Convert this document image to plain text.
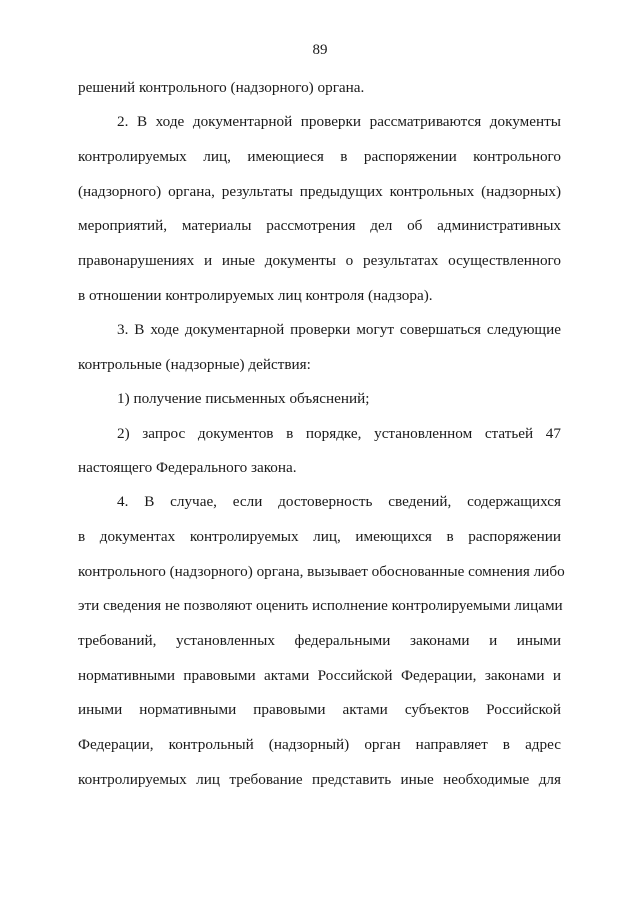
89
решений контрольного (надзорного) органа.
2. В ходе документарной проверки рассматриваются документы
контролируемых лиц, имеющиеся в распоряжении контрольного
(надзорного) органа, результаты предыдущих контрольных (надзорных)
мероприятий, материалы рассмотрения дел об административных
правонарушениях и иные документы о результатах осуществленного
в отношении контролируемых лиц контроля (надзора).
3. В ходе документарной проверки могут совершаться следующие
контрольные (надзорные) действия:
1) получение письменных объяснений;
2) запрос документов в порядке, установленном статьей 47
настоящего Федерального закона.
4. В случае, если достоверность сведений, содержащихся
в документах контролируемых лиц, имеющихся в распоряжении
контрольного (надзорного) органа, вызывает обоснованные сомнения либо
эти сведения не позволяют оценить исполнение контролируемыми лицами
требований, установленных федеральными законами и иными
нормативными правовыми актами Российской Федерации, законами и
иными нормативными правовыми актами субъектов Российской
Федерации, контрольный (надзорный) орган направляет в адрес
контролируемых лиц требование представить иные необходимые для
